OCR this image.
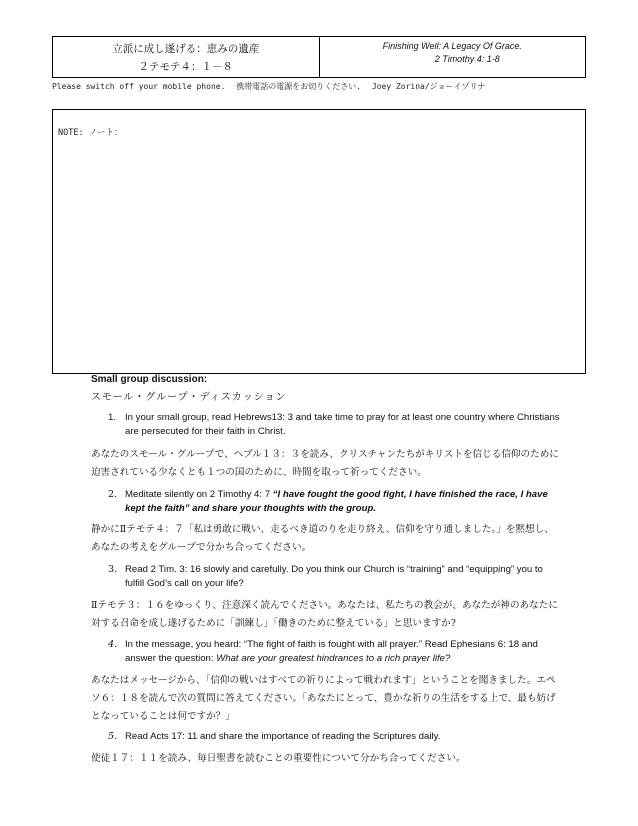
立派に成し遂げる：恵みの遺産
２テモテ４：１－８
Finishing Well: A Legacy Of Grace.
2 Timothy 4: 1-8
Please switch off your mobile phone. 携帯電話の電源をお切りください. Joey Zorina/ジョーイゾリナ
NOTE: ノート：
Small group discussion:
スモール・グループ・ディスカッション
1. In your small group, read Hebrews13: 3 and take time to pray for at least one country where Christians are persecuted for their faith in Christ.
あなたのスモール・グループで、ヘブル１３：３を読み、クリスチャンたちがキリストを信じる信仰のために迫害されている少なくとも１つの国のために、時間を取って祈ってください。
2. Meditate silently on 2 Timothy 4: 7 “I have fought the good fight, I have finished the race, I have kept the faith” and share your thoughts with the group.
静かにⅡテモテ４：７「私は勇敢に戦い、走るべき道のりを走り終え、信仰を守り通しました。」を黙想し、あなたの考えをグループで分かち合ってください。
3. Read 2 Tim. 3: 16 slowly and carefully. Do you think our Church is “training” and “equipping” you to fulfill God’s call on your life?
Ⅱテモテ３：１６をゆっくり、注意深く読んでください。あなたは、私たちの教会が、あなたが神のあなたに対する召命を成し遂げるために「訓練し」「働きのために整えている」と思いますか?
4. In the message, you heard: “The fight of faith is fought with all prayer.” Read Ephesians 6: 18 and answer the question: What are your greatest hindrances to a rich prayer life?
あなたはメッセージから、「信仰の戦いはすべての祈りによって戦われます」ということを聞きました。エペソ６：１８を読んで次の質問に答えてください。「あなたにとって、豊かな祈りの生活をする上で、最も妨げとなっていることは何ですか？」
5. Read Acts 17: 11 and share the importance of reading the Scriptures daily.
使徒１７：１１を読み、毎日聖書を読むことの重要性について分かち合ってください。
